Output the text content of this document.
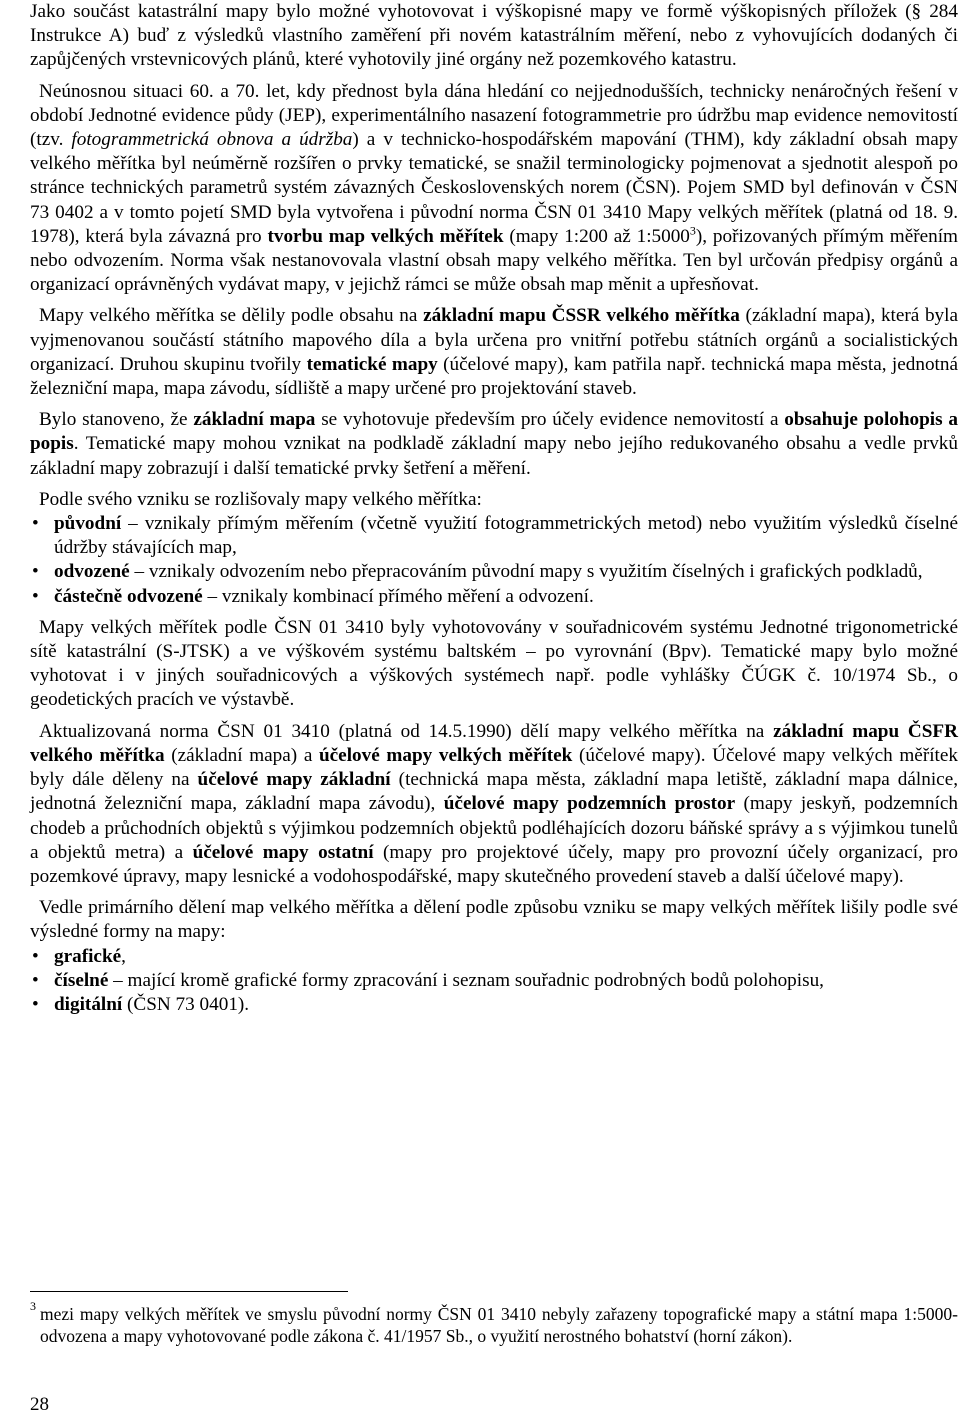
Jako součást katastrální mapy bylo možné vyhotovovat i výškopisné mapy ve formě výškopisných příložek (§ 284 Instrukce A) buď z výsledků vlastního zaměření při novém katastrálním měření, nebo z vyhovujících dodaných či zapůjčených vrstevnicových plánů, které vyhotovily jiné orgány než pozemkového katastru.

Neúnosnou situaci 60. a 70. let, kdy přednost byla dána hledání co nejjednodušších, technicky nenáročných řešení v období Jednotné evidence půdy (JEP), experimentálního nasazení fotogrammetrie pro údržbu map evidence nemovitostí (tzv. fotogrammetrická obnova a údržba) a v technicko-hospodářském mapování (THM), kdy základní obsah mapy velkého měřítka byl neúměrně rozšířen o prvky tematické, se snažil terminologicky pojmenovat a sjednotit alespoň po stránce technických parametrů systém závazných Československých norem (ČSN). Pojem SMD byl definován v ČSN 73 0402 a v tomto pojetí SMD byla vytvořena i původní norma ČSN 01 3410 Mapy velkých měřítek (platná od 18. 9. 1978), která byla závazná pro tvorbu map velkých měřítek (mapy 1:200 až 1:5000$^3$), pořizovaných přímým měřením nebo odvozením. Norma však nestanovovala vlastní obsah mapy velkého měřítka. Ten byl určován předpisy orgánů a organizací oprávněných vydávat mapy, v jejichž rámci se může obsah map měnit a upřesňovat.

Mapy velkého měřítka se dělily podle obsahu na základní mapu ČSSR velkého měřítka (základní mapa), která byla vyjmenovanou součástí státního mapového díla a byla určena pro vnitřní potřebu státních orgánů a socialistických organizací. Druhou skupinu tvořily tematické mapy (účelové mapy), kam patřila např. technická mapa města, jednotná železniční mapa, mapa závodu, sídliště a mapy určené pro projektování staveb.

Bylo stanoveno, že základní mapa se vyhotovuje především pro účely evidence nemovitostí a obsahuje polohopis a popis. Tematické mapy mohou vznikat na podkladě základní mapy nebo jejího redukovaného obsahu a vedle prvků základní mapy zobrazují i další tematické prvky šetření a měření.

Podle svého vzniku se rozlišovaly mapy velkého měřítka:

• původní – vznikaly přímým měřením (včetně využití fotogrammetrických metod) nebo využitím výsledků číselné údržby stávajících map,
• odvozené – vznikaly odvozením nebo přepracováním původní mapy s využitím číselných i grafických podkladů,
• částečně odvozené – vznikaly kombinací přímého měření a odvození.

Mapy velkých měřítek podle ČSN 01 3410 byly vyhotovovány v souřadnicovém systému Jednotné trigonometrické sítě katastrální (S-JTSK) a ve výškovém systému baltském – po vyrovnání (Bpv). Tematické mapy bylo možné vyhotovat i v jiných souřadnicových a výškových systémech např. podle vyhlášky ČÚGK č. 10/1974 Sb., o geodetických pracích ve výstavbě.

Aktualizovaná norma ČSN 01 3410 (platná od 14.5.1990) dělí mapy velkého měřítka na základní mapu ČSFR velkého měřítka (základní mapa) a účelové mapy velkých měřítek (účelové mapy). Účelové mapy velkých měřítek byly dále děleny na účelové mapy základní (technická mapa města, základní mapa letiště, základní mapa dálnice, jednotná železniční mapa, základní mapa závodu), účelové mapy podzemních prostor (mapy jeskyň, podzemních chodeb a průchodních objektů s výjimkou podzemních objektů podléhajících dozoru báňské správy a s výjimkou tunelů a objektů metra) a účelové mapy ostatní (mapy pro projektové účely, mapy pro provozní účely organizací, pro pozemkové úpravy, mapy lesnické a vodohospodářské, mapy skutečného provedení staveb a další účelové mapy).

Vedle primárního dělení map velkého měřítka a dělení podle způsobu vzniku se mapy velkých měřítek lišily podle své výsledné formy na mapy:

• grafické,
• číselné – mající kromě grafické formy zpracování i seznam souřadnic podrobných bodů polohopisu,
• digitální (ČSN 73 0401).
3 mezi mapy velkých měřítek ve smyslu původní normy ČSN 01 3410 nebyly zařazeny topografické mapy a státní mapa 1:5000-odvozena a mapy vyhotovované podle zákona č. 41/1957 Sb., o využití nerostného bohatství (horní zákon).

28
